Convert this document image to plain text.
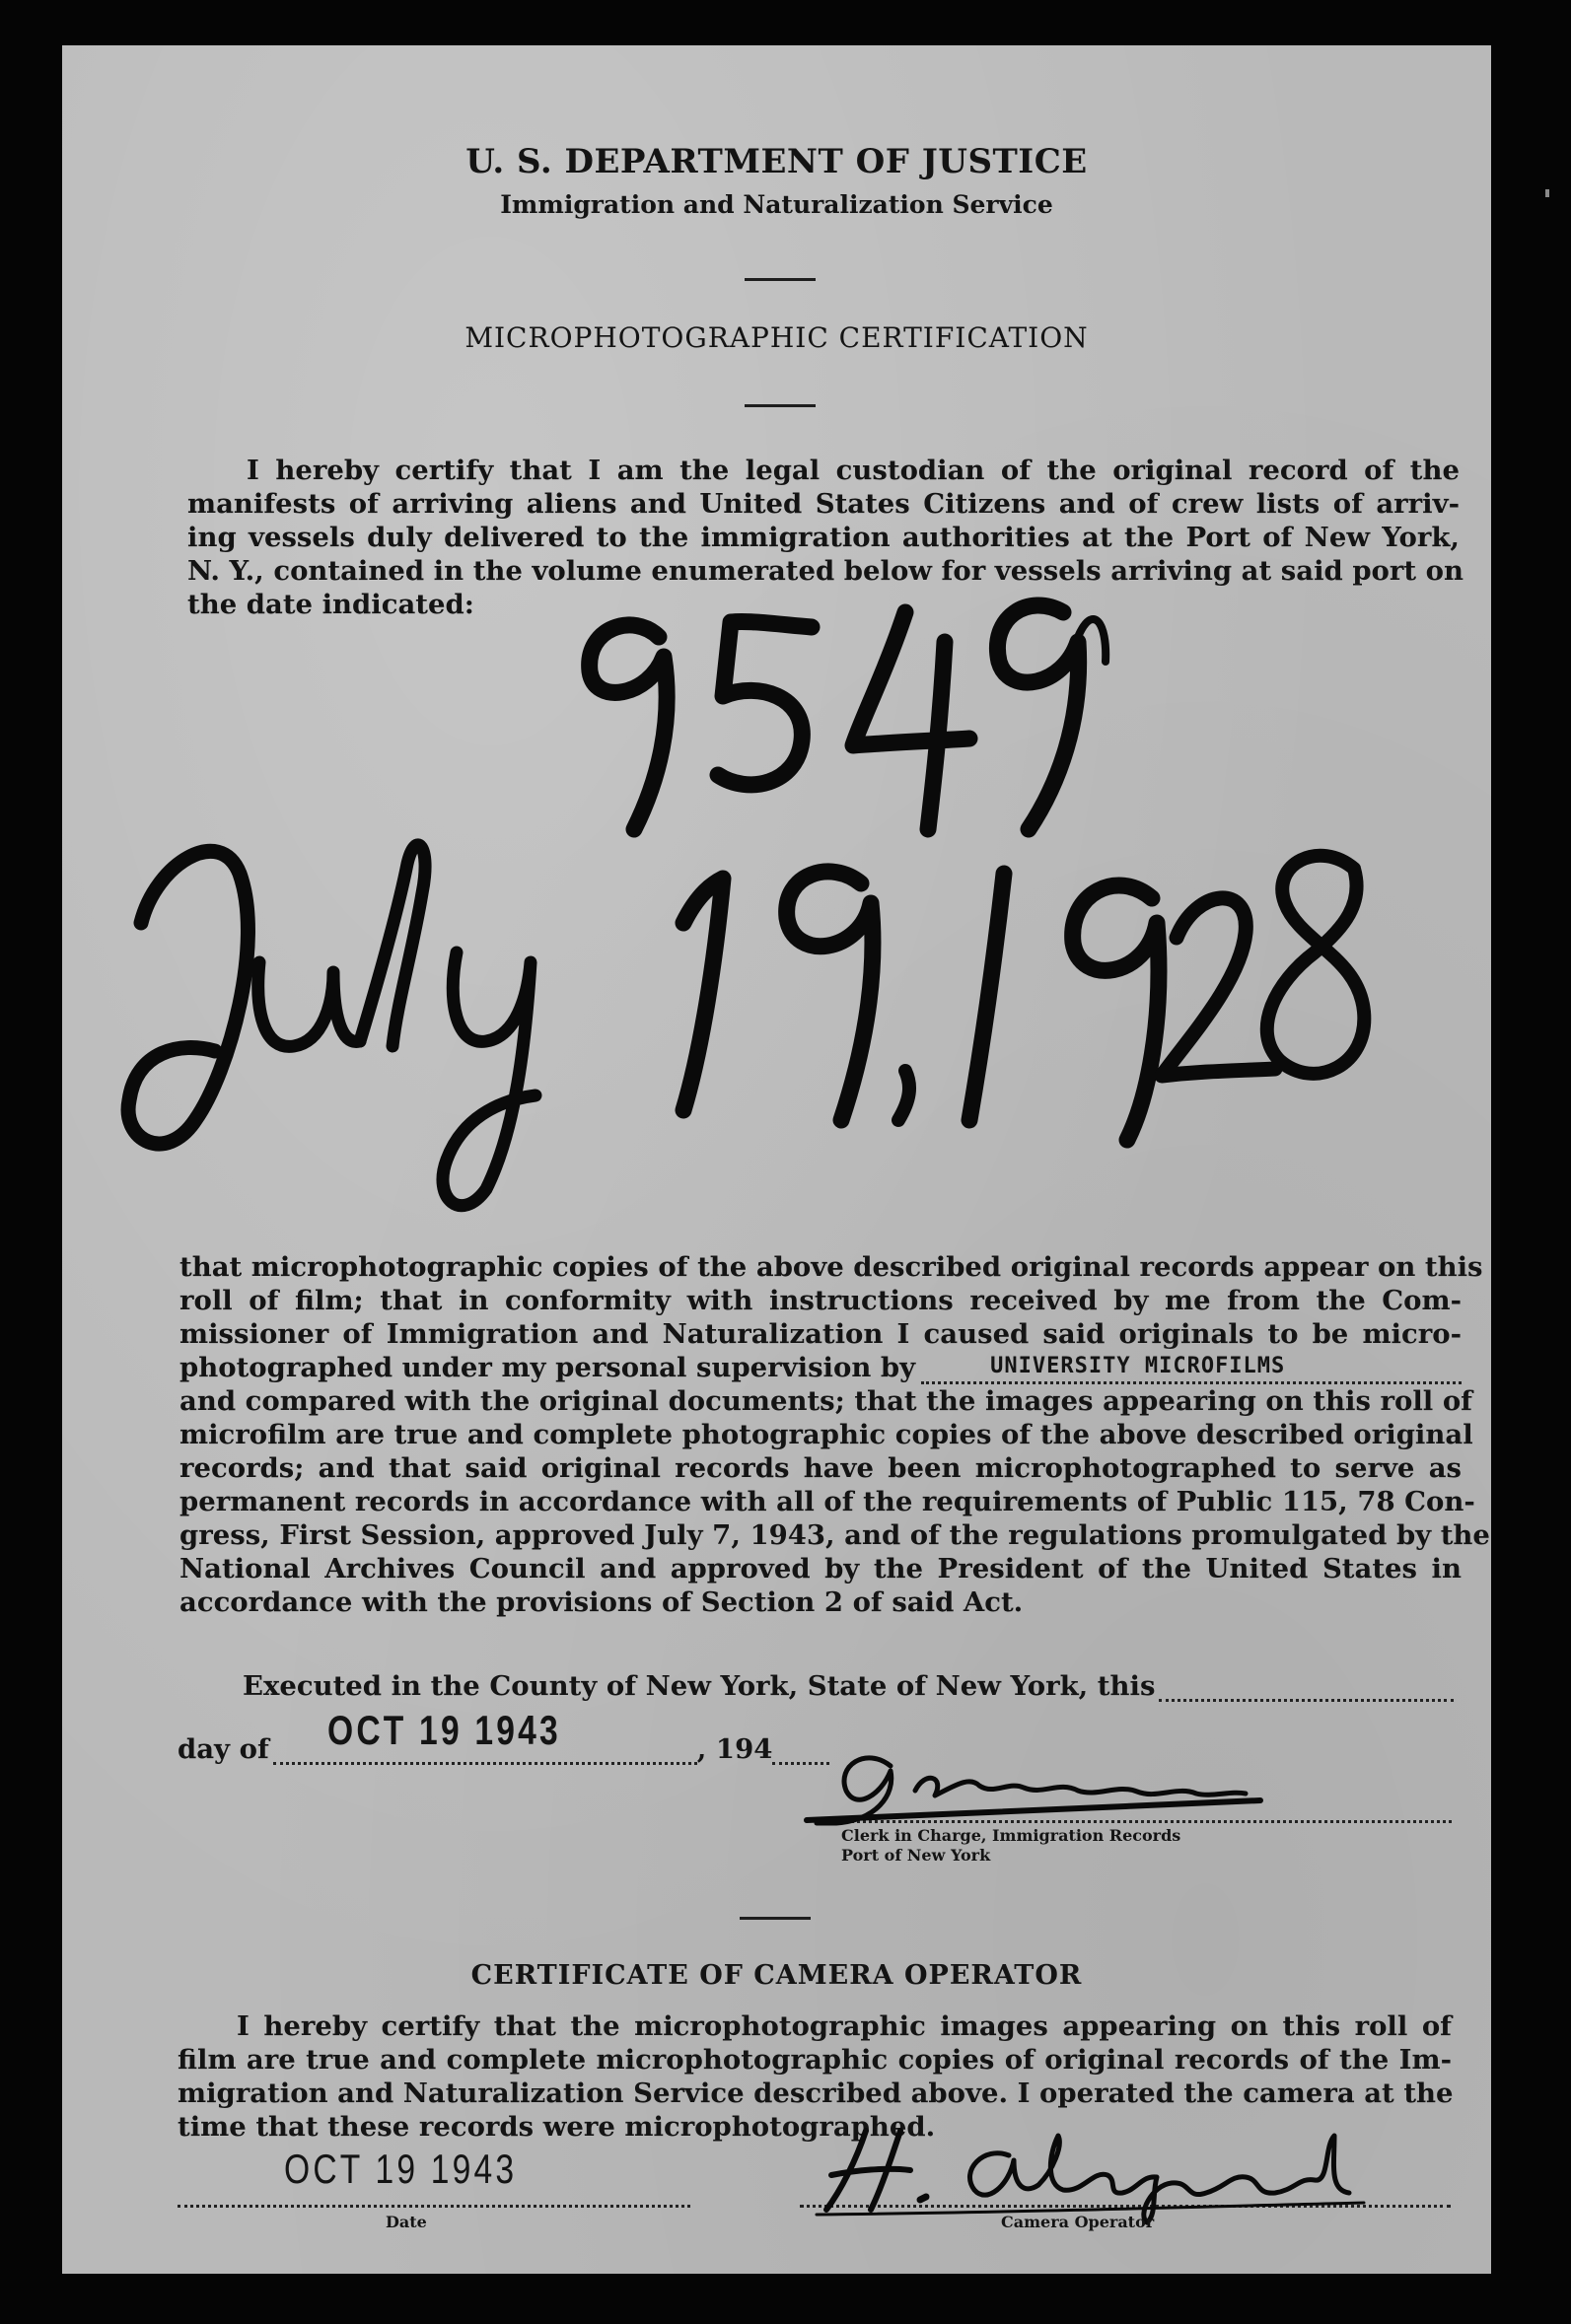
U. S. DEPARTMENT OF JUSTICE
Immigration and Naturalization Service
MICROPHOTOGRAPHIC CERTIFICATION
I hereby certify that I am the legal custodian of the original record of the
manifests of arriving aliens and United States Citizens and of crew lists of arriv-
ing vessels duly delivered to the immigration authorities at the Port of New York,
N. Y., contained in the volume enumerated below for vessels arriving at said port on
the date indicated:
that microphotographic copies of the above described original records appear on this
roll of film; that in conformity with instructions received by me from the Com-
missioner of Immigration and Naturalization I caused said originals to be micro-
photographed under my personal supervision by	UNIVERSITY MICROFILMS
and compared with the original documents; that the images appearing on this roll of
microfilm are true and complete photographic copies of the above described original
records; and that said original records have been microphotographed to serve as
permanent records in accordance with all of the requirements of Public 115, 78 Con-
gress, First Session, approved July 7, 1943, and of the regulations promulgated by the
National Archives Council and approved by the President of the United States in
accordance with the provisions of Section 2 of said Act.
Executed in the County of New York, State of New York, this
day of OCT 19 1943	, 194
Clerk in Charge, Immigration Records
Port of New York
CERTIFICATE OF CAMERA OPERATOR
I hereby certify that the microphotographic images appearing on this roll of
film are true and complete microphotographic copies of original records of the Im-
migration and Naturalization Service described above. I operated the camera at the
time that these records were microphotographed.
OCT 19 1943
Date	Camera Operator
